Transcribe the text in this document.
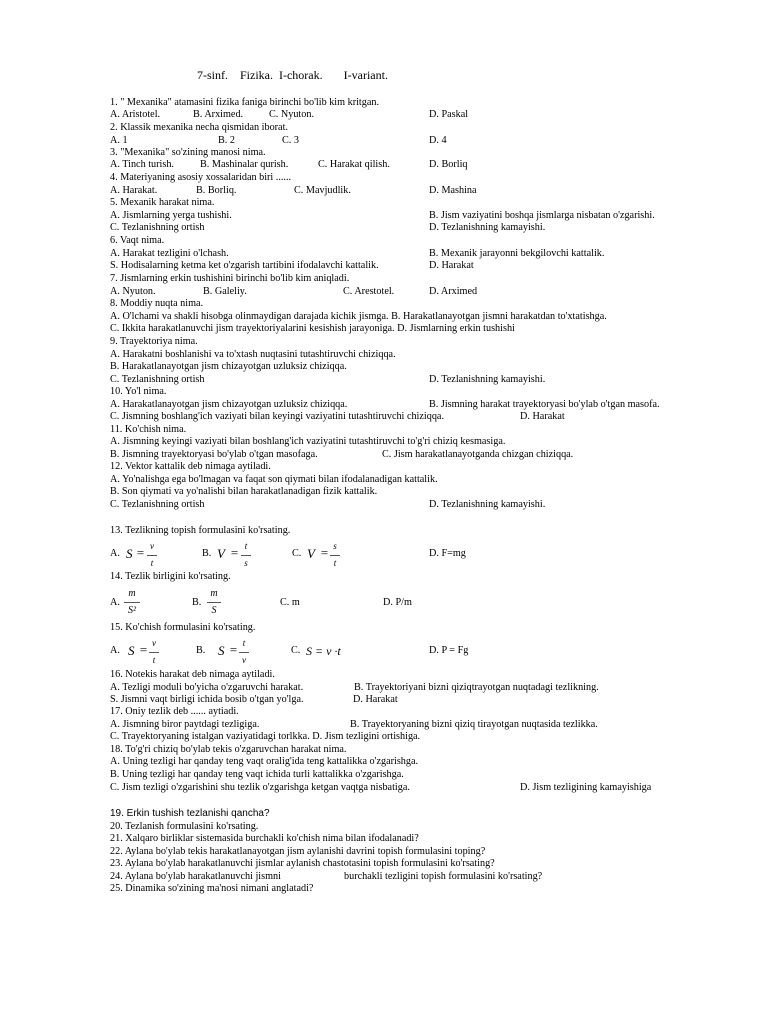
7-sinf.    Fizika.  I-chorak.       I-variant.
1. " Mexanika" atamasini fizika faniga birinchi bo'lib kim kritgan.
A. Aristotel.	B. Arximed.	C. Nyuton.	D. Paskal
2. Klassik mexanika necha qismidan iborat.
A. 1	B. 2	C. 3	D. 4
3. "Mexanika" so'zining manosi nima.
A. Tinch turish.	B. Mashinalar qurish.	C. Harakat qilish.	D. Borliq
4. Materiyaning asosiy xossalaridan biri ......
A. Harakat.	B. Borliq.	C. Mavjudlik.	D. Mashina
5. Mexanik harakat nima.
A. Jismlarning yerga tushishi.	B. Jism vaziyatini boshqa jismlarga nisbatan o'zgarishi.
C. Tezlanishning ortish	D. Tezlanishning kamayishi.
6. Vaqt nima.
A. Harakat tezligini o'lchash.	B. Mexanik jarayonni bekgilovchi kattalik.
S. Hodisalarning ketma ket o'zgarish tartibini ifodalavchi kattalik.	D. Harakat
7. Jismlarning erkin tushishini birinchi bo'lib kim aniqladi.
A. Nyuton.	B. Galeliy.	C. Arestotel.	D. Arximed
8. Moddiy nuqta nima.
A. O'lchami va shakli hisobga olinmaydigan darajada kichik jismga. B. Harakatlanayotgan jismni harakatdan to'xtatishga.
C. Ikkita harakatlanuvchi jism trayektoriyalarini kesishish jarayoniga. D. Jismlarning erkin tushishi
9. Trayektoriya nima.
A. Harakatni boshlanishi va to'xtash nuqtasini tutashtiruvchi chiziqqa.
B. Harakatlanayotgan jism chizayotgan uzluksiz chiziqqa.
C. Tezlanishning ortish	D. Tezlanishning kamayishi.
10. Yo'l nima.
A. Harakatlanayotgan jism chizayotgan uzluksiz chiziqqa.	B. Jismning harakat trayektoryasi bo'ylab o'tgan masofa.
C. Jismning boshlang'ich vaziyati bilan keyingi vaziyatini tutashtiruvchi chiziqqa.	D. Harakat
11. Ko'chish nima.
A. Jismning keyingi vaziyati bilan boshlang'ich vaziyatini tutashtiruvchi to'g'ri chiziq kesmasiga.
B. Jismning trayektoryasi bo'ylab o'tgan masofaga.	C. Jism harakatlanayotganda chizgan chiziqqa.
12. Vektor kattalik deb nimaga aytiladi.
A. Yo'nalishga ega bo'lmagan va faqat son qiymati bilan ifodalanadigan kattalik.
B. Son qiymati va yo'nalishi bilan harakatlanadigan fizik kattalik.
C. Tezlanishning ortish	D. Tezlanishning kamayishi.
13. Tezlikning topish formulasini ko'rsating.
A. S = v
t
B. V = t
s
C. V = s
t
D. F=mg
14. Tezlik birligini ko'rsating.
A.
m
S²
B.
m
S
C. m	D. P/m
15. Ko'chish formulasini ko'rsating.
A. S = v
t
B. S = t
v
C. S = v ·t	D. P = Fg
16. Notekis harakat deb nimaga aytiladi.
A. Tezligi moduli bo'yicha o'zgaruvchi harakat.	B. Trayektoriyani bizni qiziqtrayotgan nuqtadagi tezlikning.
S. Jismni vaqt birligi ichida bosib o'tgan yo'lga.	D. Harakat
17. Oniy tezlik deb ...... aytiadi.
A. Jismning biror paytdagi tezligiga.	B. Trayektoryaning bizni qiziq tirayotgan nuqtasida tezlikka.
C. Trayektoryaning istalgan vaziyatidagi torlkka. D. Jism tezligini ortishiga.
18. To'g'ri chiziq bo'ylab tekis o'zgaruvchan harakat nima.
A. Uning tezligi har qanday teng vaqt oralig'ida teng kattalikka o'zgarishga.
B. Uning tezligi har qanday teng vaqt ichida turli kattalikka o'zgarishga.
C. Jism tezligi o'zgarishini shu tezlik o'zgarishga ketgan vaqtga nisbatiga.	D. Jism tezligining kamayishiga
19. Erkin tushish tezlanishi qancha?
20. Tezlanish formulasini ko'rsating.
21. Xalqaro birliklar sistemasida burchakli ko'chish nima bilan ifodalanadi?
22. Aylana bo'ylab tekis harakatlanayotgan jism aylanishi davrini topish formulasini toping?
23. Aylana bo'ylab harakatlanuvchi jismlar aylanish chastotasini topish formulasini ko'rsating?
24. Aylana bo'ylab harakatlanuvchi jismni	burchakli tezligini topish formulasini ko'rsating?
25. Dinamika so'zining ma'nosi nimani anglatadi?
